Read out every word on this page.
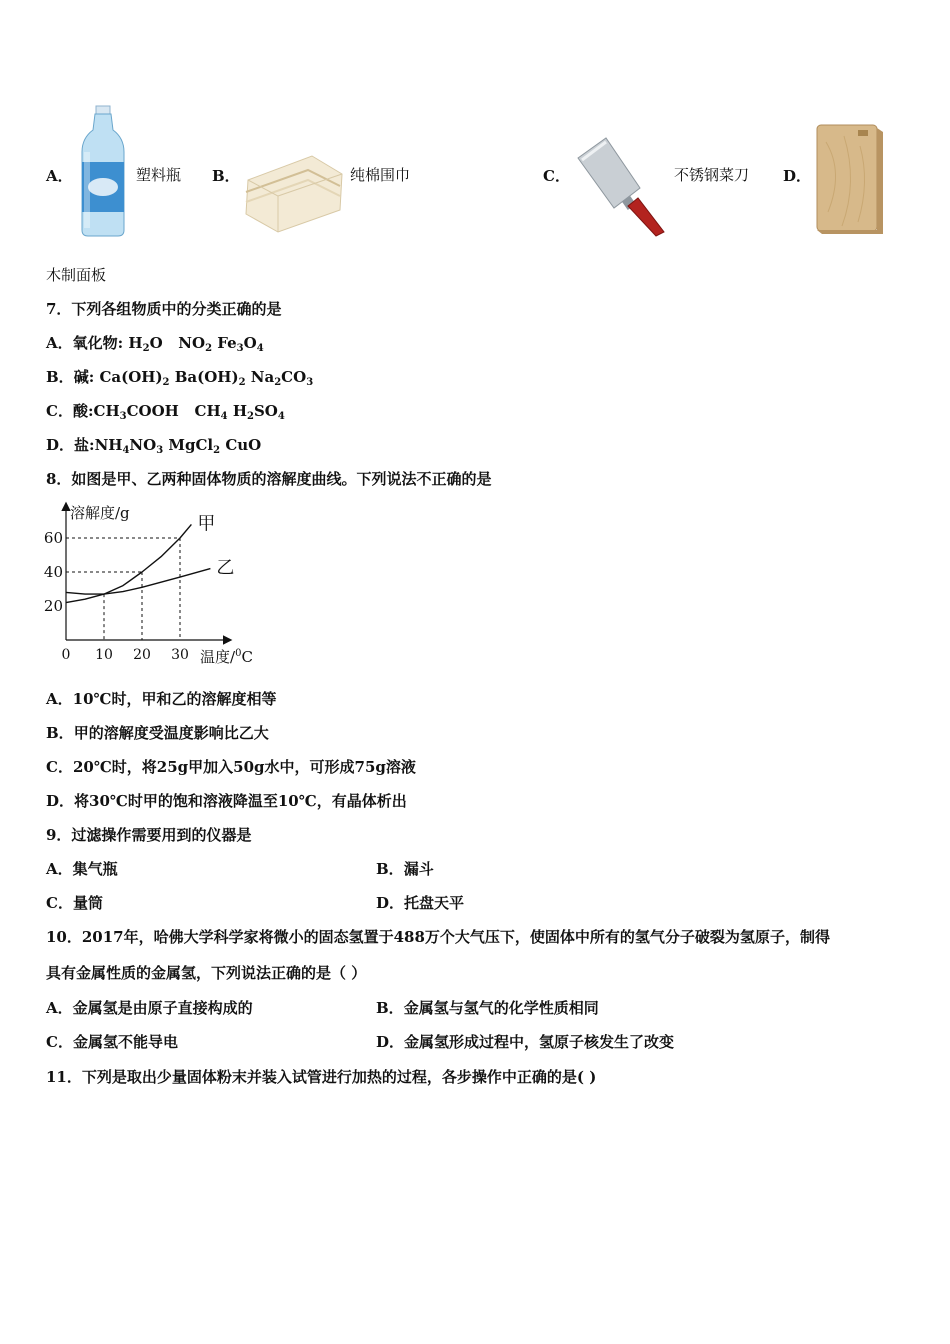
A．	塑料瓶 B．	纯棉围巾	C．	不锈钢菜刀 D．
木制面板
7．下列各组物质中的分类正确的是
A．氧化物: $H_2O$   $NO_2$ $Fe_3O_4$
B．碱: $Ca(OH)_2$ $Ba(OH)_2$ $Na_2CO_3$
C．酸$:CH_3COOH$   $CH_4$ $H_2SO_4$
D．盐$:NH_4NO_3$ MgCl$_2$ CuO
8．如图是甲、乙两种固体物质的溶解度曲线。下列说法不正确的是
甲
乙
0 10 20 30
20
40
60
溶解度/g
温度/$^0$C
A．10℃时，甲和乙的溶解度相等
B．甲的溶解度受温度影响比乙大
C．20℃时，将25g甲加入50g水中，可形成75g溶液
D．将30℃时甲的饱和溶液降温至10℃，有晶体析出
9．过滤操作需要用到的仪器是
A．集气瓶	B．漏斗
C．量筒	D．托盘天平
10．2017年，哈佛大学科学家将微小的固态氢置于488万个大气压下，使固体中所有的氢气分子破裂为氢原子，制得
具有金属性质的金属氢，下列说法正确的是（ ）
A．金属氢是由原子直接构成的	B．金属氢与氢气的化学性质相同
C．金属氢不能导电	D．金属氢形成过程中，氢原子核发生了改变
11．下列是取出少量固体粉末并装入试管进行加热的过程，各步操作中正确的是( )
